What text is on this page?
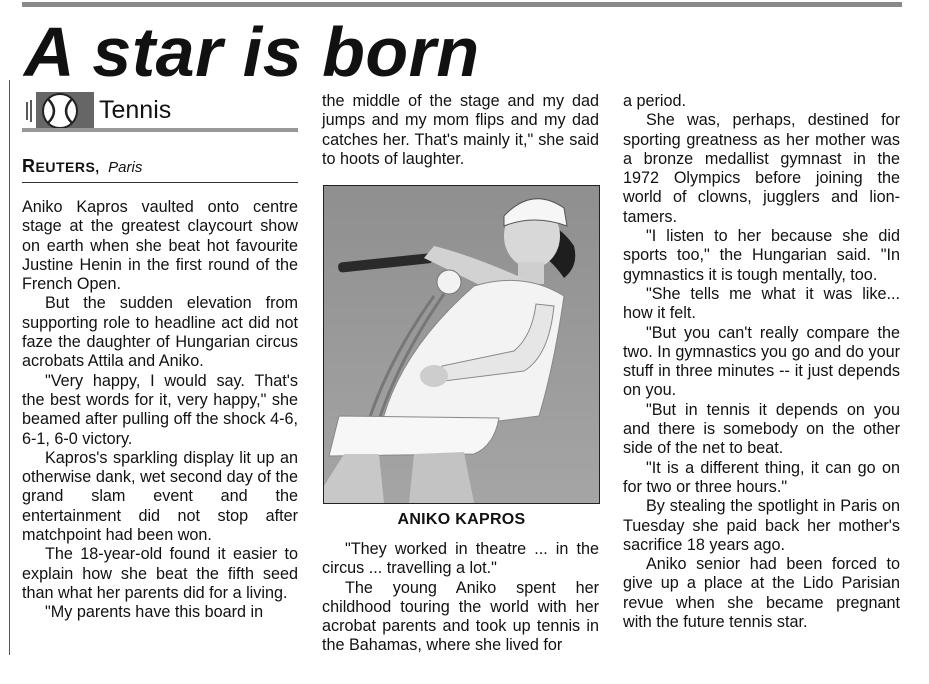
A star is born
Tennis
REUTERS, Paris

Aniko Kapros vaulted onto centre stage at the greatest claycourt show on earth when she beat hot favourite Justine Henin in the first round of the French Open.

But the sudden elevation from supporting role to headline act did not faze the daughter of Hungarian circus acrobats Attila and Aniko.

"Very happy, I would say. That's the best words for it, very happy," she beamed after pulling off the shock 4-6, 6-1, 6-0 victory.

Kapros's sparkling display lit up an otherwise dank, wet second day of the grand slam event and the entertainment did not stop after matchpoint had been won.

The 18-year-old found it easier to explain how she beat the fifth seed than what her parents did for a living.

"My parents have this board in

the middle of the stage and my dad jumps and my mom flips and my dad catches her. That's mainly it," she said to hoots of laughter.

ANIKO KAPROS

"They worked in theatre ... in the circus ... travelling a lot."

The young Aniko spent her childhood touring the world with her acrobat parents and took up tennis in the Bahamas, where she lived for

a period.

She was, perhaps, destined for sporting greatness as her mother was a bronze medallist gymnast in the 1972 Olympics before joining the world of clowns, jugglers and lion-tamers.

"I listen to her because she did sports too," the Hungarian said. "In gymnastics it is tough mentally, too.

"She tells me what it was like... how it felt.

"But you can't really compare the two. In gymnastics you go and do your stuff in three minutes -- it just depends on you.

"But in tennis it depends on you and there is somebody on the other side of the net to beat.

"It is a different thing, it can go on for two or three hours."

By stealing the spotlight in Paris on Tuesday she paid back her mother's sacrifice 18 years ago.

Aniko senior had been forced to give up a place at the Lido Parisian revue when she became pregnant with the future tennis star.
